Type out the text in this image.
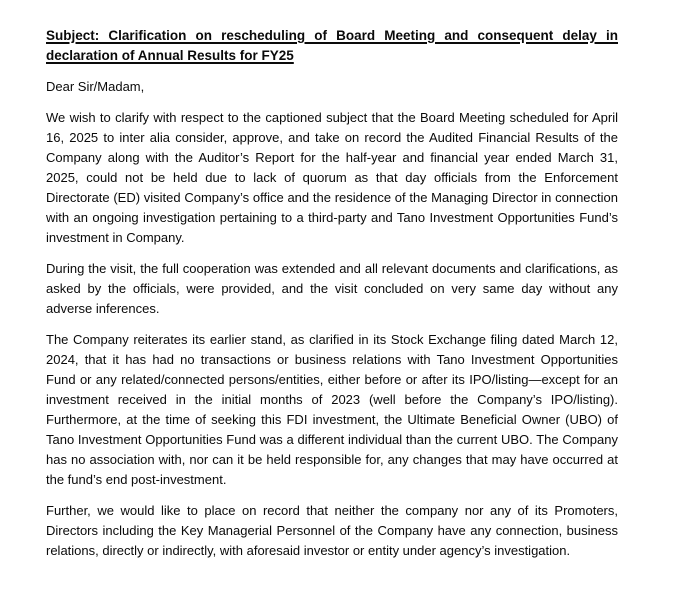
Subject: Clarification on rescheduling of Board Meeting and consequent delay in
declaration of Annual Results for FY25

Dear Sir/Madam,

We wish to clarify with respect to the captioned subject that the Board Meeting scheduled for April 16, 2025 to inter alia consider, approve, and take on record the Audited Financial Results of the Company along with the Auditor’s Report for the half-year and financial year ended March 31, 2025, could not be held due to lack of quorum as that day officials from the Enforcement Directorate (ED) visited Company’s office and the residence of the Managing Director in connection with an ongoing investigation pertaining to a third-party and Tano Investment Opportunities Fund’s investment in Company.

During the visit, the full cooperation was extended and all relevant documents and clarifications, as asked by the officials, were provided, and the visit concluded on very same day without any adverse inferences.

The Company reiterates its earlier stand, as clarified in its Stock Exchange filing dated March 12, 2024, that it has had no transactions or business relations with Tano Investment Opportunities Fund or any related/connected persons/entities, either before or after its IPO/listing—except for an investment received in the initial months of 2023 (well before the Company’s IPO/listing). Furthermore, at the time of seeking this FDI investment, the Ultimate Beneficial Owner (UBO) of Tano Investment Opportunities Fund was a different individual than the current UBO. The Company has no association with, nor can it be held responsible for, any changes that may have occurred at the fund’s end post-investment.

Further, we would like to place on record that neither the company nor any of its Promoters, Directors including the Key Managerial Personnel of the Company have any connection, business relations, directly or indirectly, with aforesaid investor or entity under agency’s investigation.
